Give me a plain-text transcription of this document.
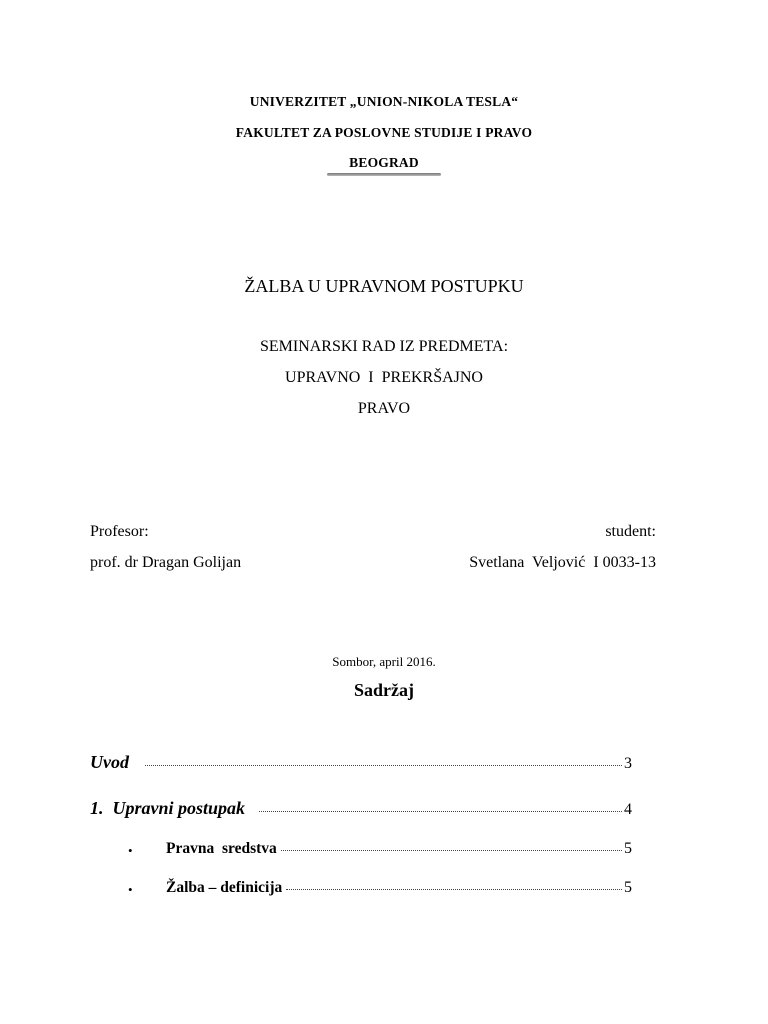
UNIVERZITET „UNION-NIKOLA TESLA“
FAKULTET ZA POSLOVNE STUDIJE I PRAVO
BEOGRAD
ŽALBA U UPRAVNOM POSTUPKU
SEMINARSKI RAD IZ PREDMETA:
UPRAVNO  I  PREKRŠAJNO
PRAVO
Profesor:
prof. dr Dragan Golijan
student:
Svetlana  Veljović  I 0033-13
Sombor, april 2016.
Sadržaj
Uvod	3
1.  Upravni postupak	4
• Pravna  sredstva	5
• Žalba – definicija	5
